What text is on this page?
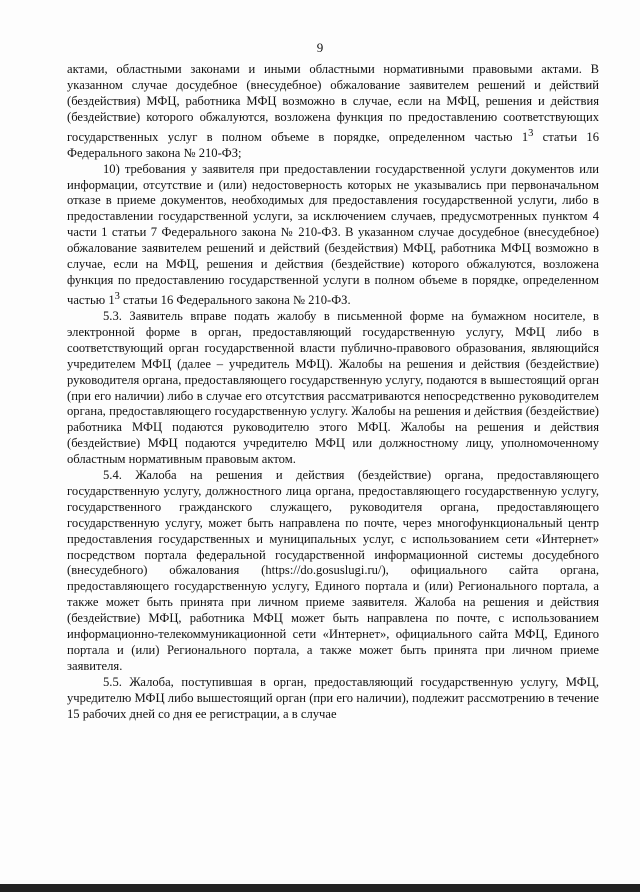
9

актами, областными законами и иными областными нормативными правовыми актами. В указанном случае досудебное (внесудебное) обжалование заявителем решений и действий (бездействия) МФЦ, работника МФЦ возможно в случае, если на МФЦ, решения и действия (бездействие) которого обжалуются, возложена функция по предоставлению соответствующих государственных услуг в полном объеме в порядке, определенном частью $1^3$ статьи 16 Федерального закона № 210-ФЗ;

10) требования у заявителя при предоставлении государственной услуги документов или информации, отсутствие и (или) недостоверность которых не указывались при первоначальном отказе в приеме документов, необходимых для предоставления государственной услуги, либо в предоставлении государственной услуги, за исключением случаев, предусмотренных пунктом 4 части 1 статьи 7 Федерального закона № 210-ФЗ. В указанном случае досудебное (внесудебное) обжалование заявителем решений и действий (бездействия) МФЦ, работника МФЦ возможно в случае, если на МФЦ, решения и действия (бездействие) которого обжалуются, возложена функция по предоставлению государственной услуги в полном объеме в порядке, определенном частью $1^3$ статьи 16 Федерального закона № 210-ФЗ.

5.3. Заявитель вправе подать жалобу в письменной форме на бумажном носителе, в электронной форме в орган, предоставляющий государственную услугу, МФЦ либо в соответствующий орган государственной власти публично-правового образования, являющийся учредителем МФЦ (далее – учредитель МФЦ). Жалобы на решения и действия (бездействие) руководителя органа, предоставляющего государственную услугу, подаются в вышестоящий орган (при его наличии) либо в случае его отсутствия рассматриваются непосредственно руководителем органа, предоставляющего государственную услугу. Жалобы на решения и действия (бездействие) работника МФЦ подаются руководителю этого МФЦ. Жалобы на решения и действия (бездействие) МФЦ подаются учредителю МФЦ или должностному лицу, уполномоченному областным нормативным правовым актом.

5.4. Жалоба на решения и действия (бездействие) органа, предоставляющего государственную услугу, должностного лица органа, предоставляющего государственную услугу, государственного гражданского служащего, руководителя органа, предоставляющего государственную услугу, может быть направлена по почте, через многофункциональный центр предоставления государственных и муниципальных услуг, с использованием сети «Интернет» посредством портала федеральной государственной информационной системы досудебного (внесудебного) обжалования (https://do.gosuslugi.ru/), официального сайта органа, предоставляющего государственную услугу, Единого портала и (или) Регионального портала, а также может быть принята при личном приеме заявителя. Жалоба на решения и действия (бездействие) МФЦ, работника МФЦ может быть направлена по почте, с использованием информационно-телекоммуникационной сети «Интернет», официального сайта МФЦ, Единого портала и (или) Регионального портала, а также может быть принята при личном приеме заявителя.

5.5. Жалоба, поступившая в орган, предоставляющий государственную услугу, МФЦ, учредителю МФЦ либо вышестоящий орган (при его наличии), подлежит рассмотрению в течение 15 рабочих дней со дня ее регистрации, а в случае
